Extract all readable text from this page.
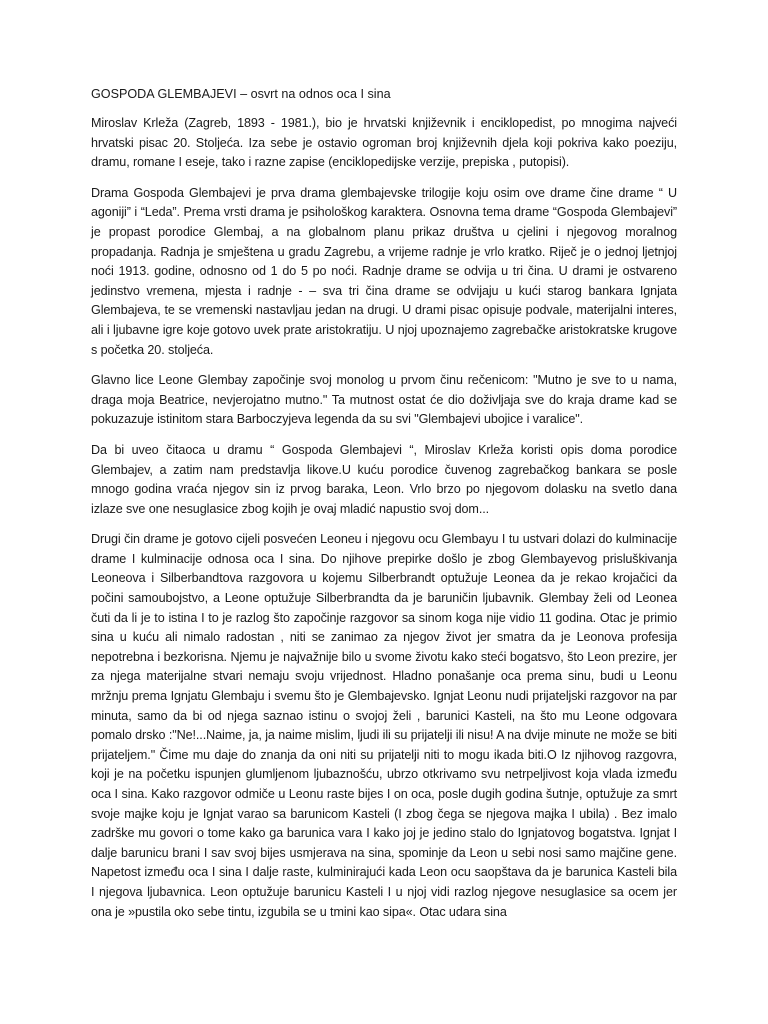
GOSPODA GLEMBAJEVI – osvrt na odnos oca I sina

Miroslav Krleža (Zagreb, 1893 - 1981.), bio je hrvatski književnik i enciklopedist, po mnogima najveći hrvatski pisac 20. Stoljeća. Iza sebe je ostavio ogroman broj književnih djela koji pokriva kako poeziju, dramu, romane I eseje, tako i razne zapise (enciklopedijske verzije, prepiska , putopisi).

Drama Gospoda Glembajevi je prva drama glembajevske trilogije koju osim ove drame čine drame “ U agoniji” i “Leda”. Prema vrsti drama je psihološkog karaktera. Osnovna tema drame “Gospoda Glembajevi” je propast porodice Glembaj, a na globalnom planu prikaz društva u cjelini i njegovog moralnog propadanja. Radnja je smještena u gradu Zagrebu, a vrijeme radnje je vrlo kratko. Riječ je o jednoj ljetnjoj noći 1913. godine, odnosno od 1 do 5 po noći. Radnje drame se odvija u tri čina. U drami je ostvareno jedinstvo vremena, mjesta i radnje - – sva tri čina drame se odvijaju u kući starog bankara Ignjata Glembajeva, te se vremenski nastavljau jedan na drugi. U drami pisac opisuje podvale, materijalni interes, ali i ljubavne igre koje gotovo uvek prate aristokratiju. U njoj upoznajemo zagrebačke aristokratske krugove s početka 20. stoljeća.

Glavno lice Leone Glembay započinje svoj monolog u prvom činu rečenicom: "Mutno je sve to u nama, draga moja Beatrice, nevjerojatno mutno." Ta mutnost ostat će dio doživljaja sve do kraja drame kad se pokuzazuje istinitom stara Barboczyjeva legenda da su svi "Glembajevi ubojice i varalice".

Da bi uveo čitaoca u dramu “ Gospoda Glembajevi “, Miroslav Krleža koristi opis doma porodice Glembajev, a zatim nam predstavlja likove.U kuću porodice čuvenog zagrebačkog bankara se posle mnogo godina vraća njegov sin iz prvog baraka, Leon. Vrlo brzo po njegovom dolasku na svetlo dana izlaze sve one nesuglasice zbog kojih je ovaj mladić napustio svoj dom...

Drugi čin drame je gotovo cijeli posvećen Leoneu i njegovu ocu Glembayu I tu ustvari dolazi do kulminacije drame I kulminacije odnosa oca I sina. Do njihove prepirke došlo je zbog Glembayevog prisluškivanja Leoneova i Silberbandtova razgovora u kojemu Silberbrandt optužuje Leonea da je rekao krojačici da počini samoubojstvo, a Leone optužuje Silberbrandta da je baruničin ljubavnik. Glembay želi od Leonea čuti da li je to istina I to je razlog što započinje razgovor sa sinom koga nije vidio 11 godina. Otac je primio sina u kuću ali nimalo radostan , niti se zanimao za njegov život jer smatra da je Leonova profesija nepotrebna i bezkorisna. Njemu je najvažnije bilo u svome životu kako steći bogatsvo, što Leon prezire, jer za njega materijalne stvari nemaju svoju vrijednost. Hladno ponašanje oca prema sinu, budi u Leonu mržnju prema Ignjatu Glembaju i svemu što je Glembajevsko. Ignjat Leonu nudi prijateljski razgovor na par minuta, samo da bi od njega saznao istinu o svojoj želi , barunici Kasteli, na što mu Leone odgovara pomalo drsko :"Ne!...Naime, ja, ja naime mislim, ljudi ili su prijatelji ili nisu! A na dvije minute ne može se biti prijateljem." Čime mu daje do znanja da oni niti su prijatelji niti to mogu ikada biti.O Iz njihovog razgovra, koji je na početku ispunjen glumljenom ljubaznošću, ubrzo otkrivamo svu netrpeljivost koja vlada između oca I sina. Kako razgovor odmiče u Leonu raste bijes I on oca, posle dugih godina šutnje, optužuje za smrt svoje majke koju je Ignjat varao sa barunicom Kasteli (I zbog čega se njegova majka I ubila) . Bez imalo zadrške mu govori o tome kako ga barunica vara I kako joj je jedino stalo do Ignjatovog bogatstva. Ignjat I dalje barunicu brani I sav svoj bijes usmjerava na sina, spominje da Leon u sebi nosi samo majčine gene. Napetost između oca I sina I dalje raste, kulminirajući kada Leon ocu saopštava da je barunica Kasteli bila I njegova ljubavnica. Leon optužuje barunicu Kasteli I u njoj vidi razlog njegove nesuglasice sa ocem jer ona je »pustila oko sebe tintu, izgubila se u tmini kao sipa«. Otac udara sina
